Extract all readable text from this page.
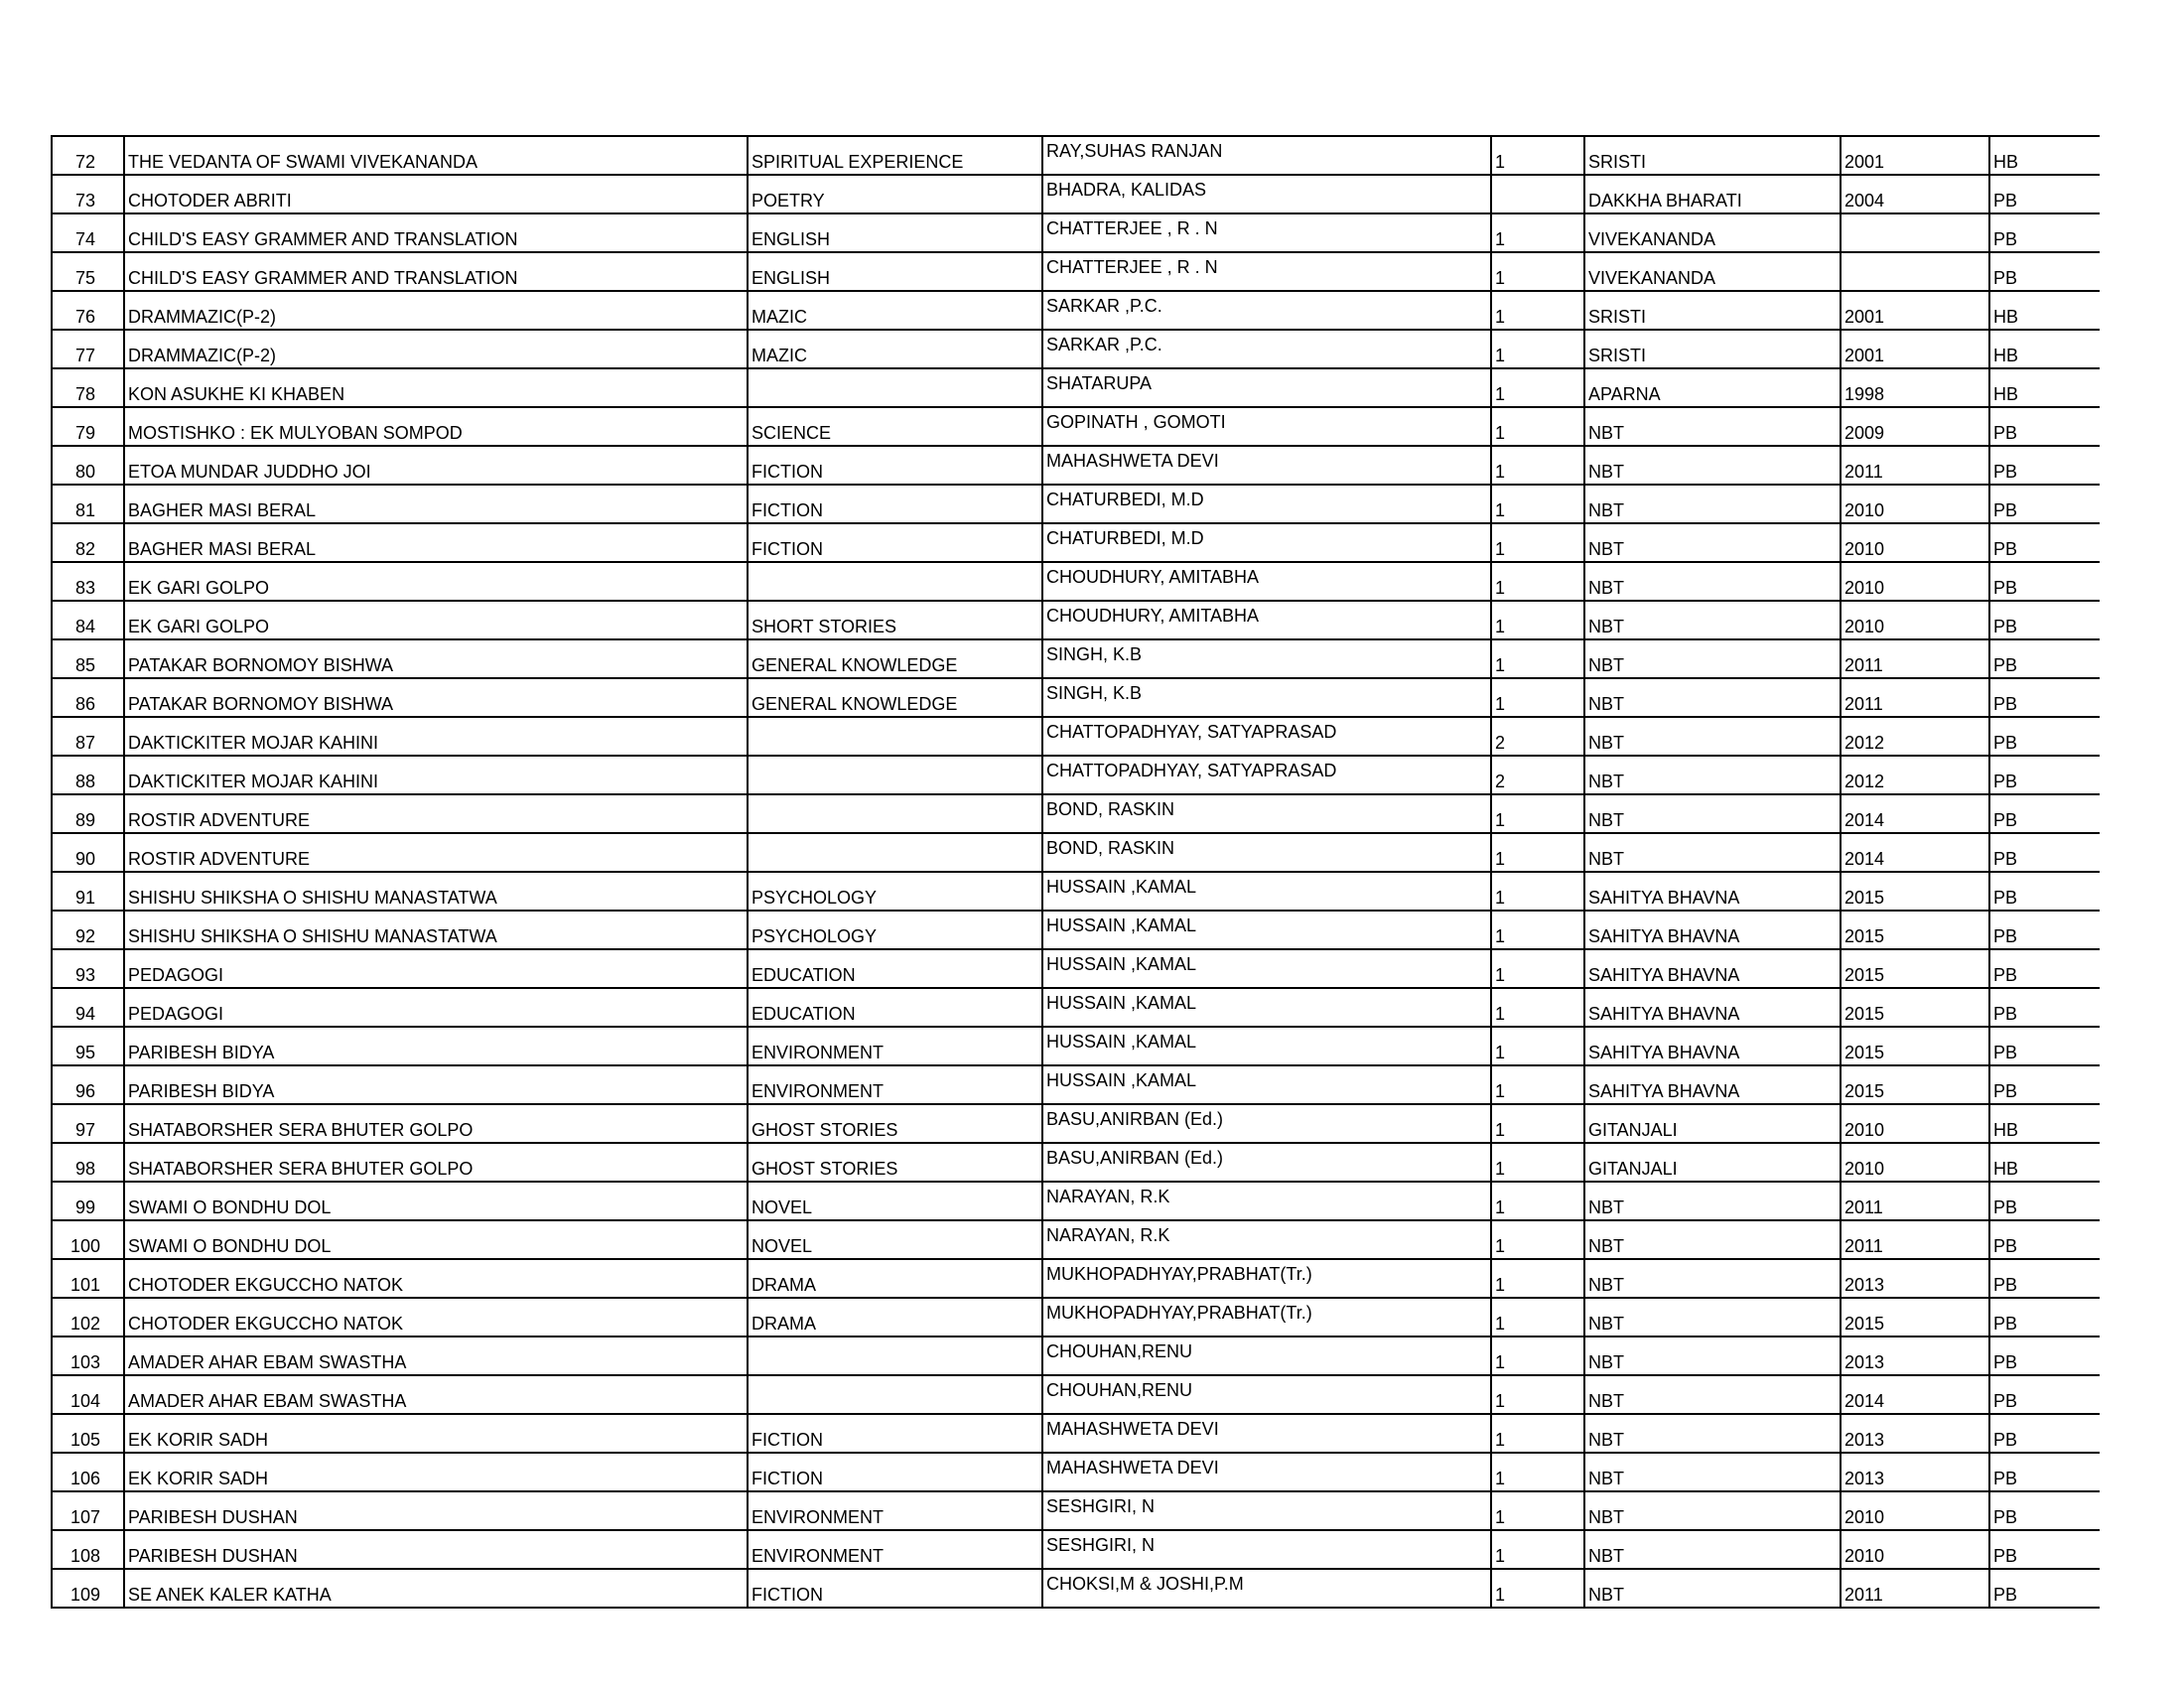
72	THE VEDANTA OF SWAMI VIVEKANANDA	SPIRITUAL EXPERIENCE	RAY,SUHAS RANJAN	1	SRISTI	2001	HB
73	CHOTODER ABRITI	POETRY	BHADRA, KALIDAS		DAKKHA BHARATI	2004	PB
74	CHILD'S EASY GRAMMER AND TRANSLATION	ENGLISH	CHATTERJEE , R . N	1	VIVEKANANDA		PB
75	CHILD'S EASY GRAMMER AND TRANSLATION	ENGLISH	CHATTERJEE , R . N	1	VIVEKANANDA		PB
76	DRAMMAZIC(P-2)	MAZIC	SARKAR ,P.C.	1	SRISTI	2001	HB
77	DRAMMAZIC(P-2)	MAZIC	SARKAR ,P.C.	1	SRISTI	2001	HB
78	KON ASUKHE KI KHABEN		SHATARUPA	1	APARNA	1998	HB
79	MOSTISHKO : EK MULYOBAN SOMPOD	SCIENCE	GOPINATH , GOMOTI	1	NBT	2009	PB
80	ETOA MUNDAR JUDDHO JOI	FICTION	MAHASHWETA DEVI	1	NBT	2011	PB
81	BAGHER MASI BERAL	FICTION	CHATURBEDI, M.D	1	NBT	2010	PB
82	BAGHER MASI BERAL	FICTION	CHATURBEDI, M.D	1	NBT	2010	PB
83	EK GARI GOLPO		CHOUDHURY, AMITABHA	1	NBT	2010	PB
84	EK GARI GOLPO	SHORT STORIES	CHOUDHURY, AMITABHA	1	NBT	2010	PB
85	PATAKAR BORNOMOY BISHWA	GENERAL KNOWLEDGE	SINGH, K.B	1	NBT	2011	PB
86	PATAKAR BORNOMOY BISHWA	GENERAL KNOWLEDGE	SINGH, K.B	1	NBT	2011	PB
87	DAKTICKITER MOJAR KAHINI		CHATTOPADHYAY, SATYAPRASAD	2	NBT	2012	PB
88	DAKTICKITER MOJAR KAHINI		CHATTOPADHYAY, SATYAPRASAD	2	NBT	2012	PB
89	ROSTIR ADVENTURE		BOND, RASKIN	1	NBT	2014	PB
90	ROSTIR ADVENTURE		BOND, RASKIN	1	NBT	2014	PB
91	SHISHU SHIKSHA O SHISHU MANASTATWA	PSYCHOLOGY	HUSSAIN ,KAMAL	1	SAHITYA BHAVNA	2015	PB
92	SHISHU SHIKSHA O SHISHU MANASTATWA	PSYCHOLOGY	HUSSAIN ,KAMAL	1	SAHITYA BHAVNA	2015	PB
93	PEDAGOGI	EDUCATION	HUSSAIN ,KAMAL	1	SAHITYA BHAVNA	2015	PB
94	PEDAGOGI	EDUCATION	HUSSAIN ,KAMAL	1	SAHITYA BHAVNA	2015	PB
95	PARIBESH BIDYA	ENVIRONMENT	HUSSAIN ,KAMAL	1	SAHITYA BHAVNA	2015	PB
96	PARIBESH BIDYA	ENVIRONMENT	HUSSAIN ,KAMAL	1	SAHITYA BHAVNA	2015	PB
97	SHATABORSHER SERA BHUTER GOLPO	GHOST STORIES	BASU,ANIRBAN (Ed.)	1	GITANJALI	2010	HB
98	SHATABORSHER SERA BHUTER GOLPO	GHOST STORIES	BASU,ANIRBAN (Ed.)	1	GITANJALI	2010	HB
99	SWAMI O BONDHU DOL	NOVEL	NARAYAN, R.K	1	NBT	2011	PB
100	SWAMI O BONDHU DOL	NOVEL	NARAYAN, R.K	1	NBT	2011	PB
101	CHOTODER EKGUCCHO NATOK	DRAMA	MUKHOPADHYAY,PRABHAT(Tr.)	1	NBT	2013	PB
102	CHOTODER EKGUCCHO NATOK	DRAMA	MUKHOPADHYAY,PRABHAT(Tr.)	1	NBT	2015	PB
103	AMADER AHAR EBAM SWASTHA		CHOUHAN,RENU	1	NBT	2013	PB
104	AMADER AHAR EBAM SWASTHA		CHOUHAN,RENU	1	NBT	2014	PB
105	EK KORIR SADH	FICTION	MAHASHWETA DEVI	1	NBT	2013	PB
106	EK KORIR SADH	FICTION	MAHASHWETA DEVI	1	NBT	2013	PB
107	PARIBESH DUSHAN	ENVIRONMENT	SESHGIRI, N	1	NBT	2010	PB
108	PARIBESH DUSHAN	ENVIRONMENT	SESHGIRI, N	1	NBT	2010	PB
109	SE ANEK KALER KATHA	FICTION	CHOKSI,M & JOSHI,P.M	1	NBT	2011	PB
